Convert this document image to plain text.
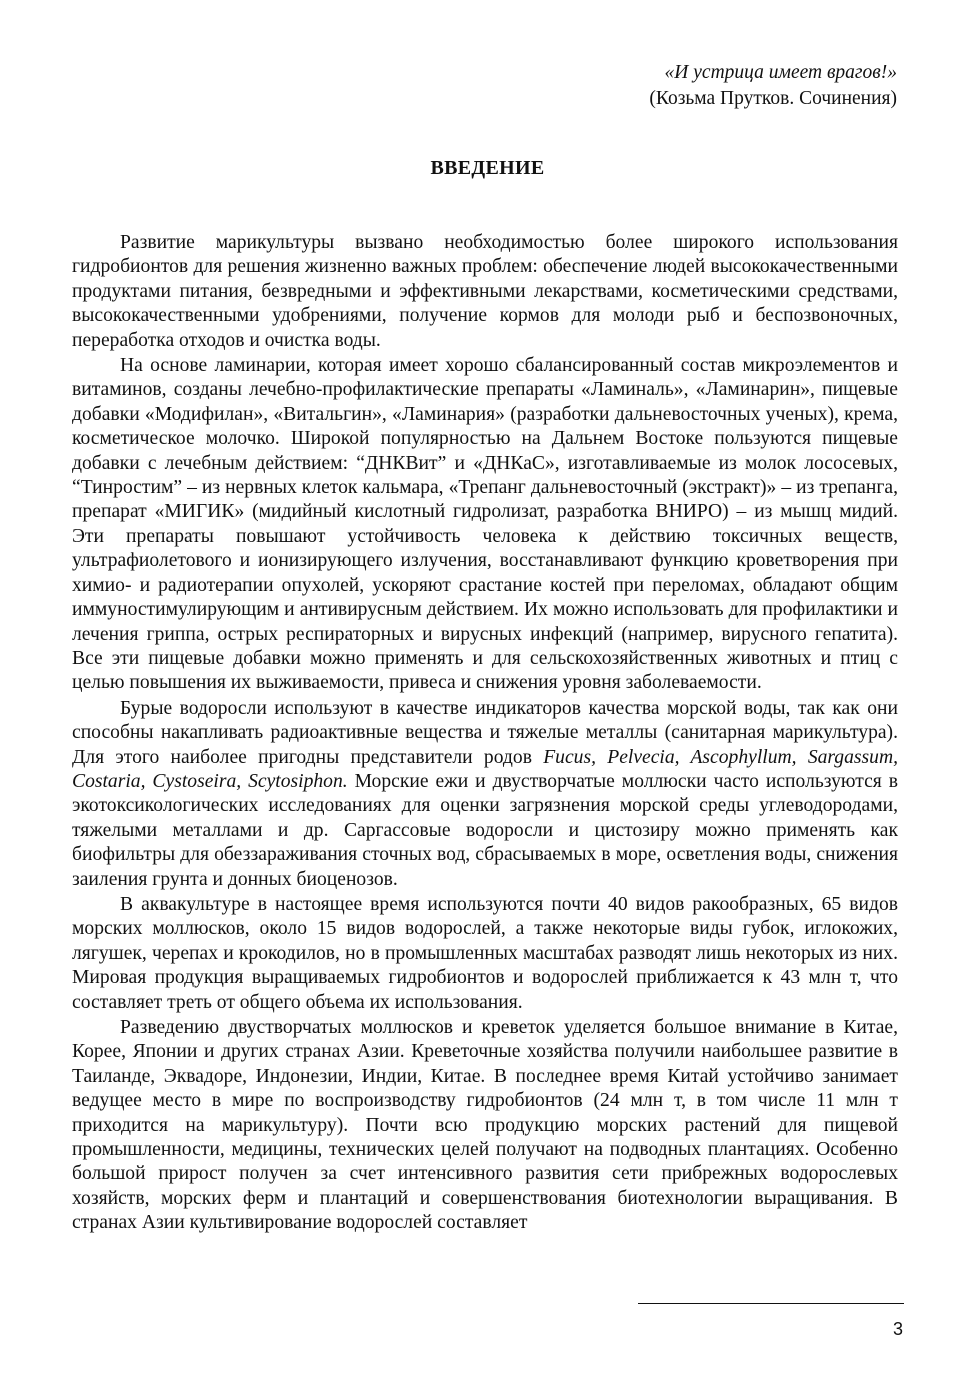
«И устрица имеет врагов!»
(Козьма Прутков. Сочинения)
ВВЕДЕНИЕ

Развитие марикультуры вызвано необходимостью более широкого использования гидробионтов для решения жизненно важных проблем: обеспечение людей высококачественными продуктами питания, безвредными и эффективными лекарствами, косметическими средствами, высококачественными удобрениями, получение кормов для молоди рыб и беспозвоночных, переработка отходов и очистка воды.

На основе ламинарии, которая имеет хорошо сбалансированный состав микроэлементов и витаминов, созданы лечебно-профилактические препараты «Ламиналь», «Ламинарин», пищевые добавки «Модифилан», «Витальгин», «Ламинария» (разработки дальневосточных ученых), крема, косметическое молочко. Широкой популярностью на Дальнем Востоке пользуются пищевые добавки с лечебным действием: “ДНКВит” и «ДНКаС», изготавливаемые из молок лососевых, “Тинростим” – из нервных клеток кальмара, «Трепанг дальневосточный (экстракт)» – из трепанга, препарат «МИГИК» (мидийный кислотный гидролизат, разработка ВНИРО) – из мышц мидий. Эти препараты повышают устойчивость человека к действию токсичных веществ, ультрафиолетового и ионизирующего излучения, восстанавливают функцию кроветворения при химио- и радиотерапии опухолей, ускоряют срастание костей при переломах, обладают общим иммуностимулирующим и антивирусным действием. Их можно использовать для профилактики и лечения гриппа, острых респираторных и вирусных инфекций (например, вирусного гепатита). Все эти пищевые добавки можно применять и для сельскохозяйственных животных и птиц с целью повышения их выживаемости, привеса и снижения уровня заболеваемости.

Бурые водоросли используют в качестве индикаторов качества морской воды, так как они способны накапливать радиоактивные вещества и тяжелые металлы (санитарная марикультура). Для этого наиболее пригодны представители родов Fucus, Pelvecia, Ascophyllum, Sargassum, Costaria, Cystoseira, Scytosiphon. Морские ежи и двустворчатые моллюски часто используются в экотоксикологических исследованиях для оценки загрязнения морской среды углеводородами, тяжелыми металлами и др. Саргассовые водоросли и цистозиру можно применять как биофильтры для обеззараживания сточных вод, сбрасываемых в море, осветления воды, снижения заиления грунта и донных биоценозов.

В аквакультуре в настоящее время используются почти 40 видов ракообразных, 65 видов морских моллюсков, около 15 видов водорослей, а также некоторые виды губок, иглокожих, лягушек, черепах и крокодилов, но в промышленных масштабах разводят лишь некоторых из них. Мировая продукция выращиваемых гидробионтов и водорослей приближается к 43 млн т, что составляет треть от общего объема их использования.

Разведению двустворчатых моллюсков и креветок уделяется большое внимание в Китае, Корее, Японии и других странах Азии. Креветочные хозяйства получили наибольшее развитие в Таиланде, Эквадоре, Индонезии, Индии, Китае. В последнее время Китай устойчиво занимает ведущее место в мире по воспроизводству гидробионтов (24 млн т, в том числе 11 млн т приходится на марикультуру). Почти всю продукцию морских растений для пищевой промышленности, медицины, технических целей получают на подводных плантациях. Особенно большой прирост получен за счет интенсивного развития сети прибрежных водорослевых хозяйств, морских ферм и плантаций и совершенствования биотехнологии выращивания. В странах Азии культивирование водорослей составляет

3
